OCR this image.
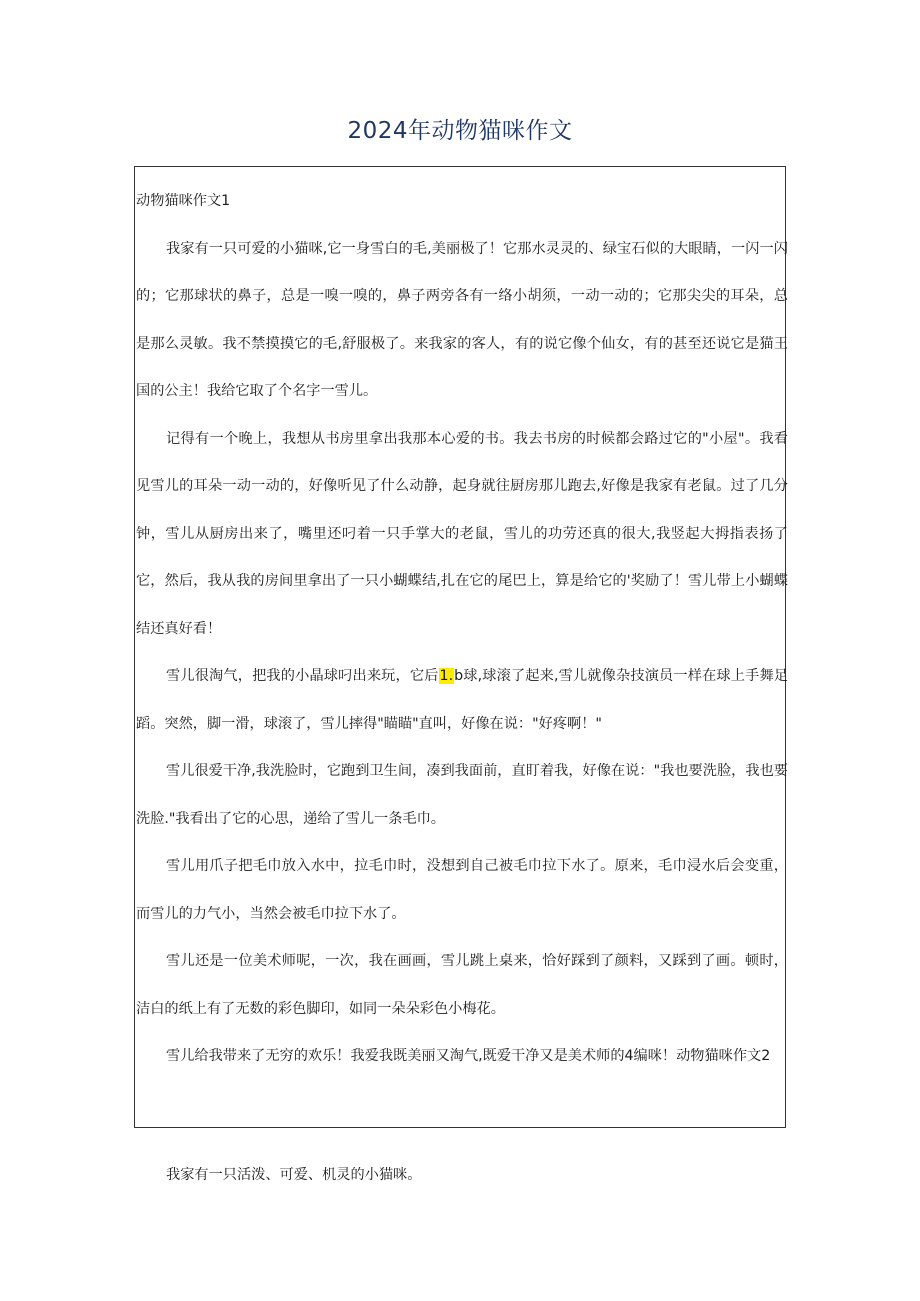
2024年动物猫咪作文

动物猫咪作文1

我家有一只可爱的小猫咪,它一身雪白的毛,美丽极了！它那水灵灵的、绿宝石似的大眼睛，一闪一闪的；它那球状的鼻子，总是一嗅一嗅的，鼻子两旁各有一络小胡须，一动一动的；它那尖尖的耳朵，总是那么灵敏。我不禁摸摸它的毛,舒服极了。来我家的客人，有的说它像个仙女，有的甚至还说它是猫王国的公主！我给它取了个名字一雪儿。

记得有一个晚上，我想从书房里拿出我那本心爱的书。我去书房的时候都会路过它的"小屋"。我看见雪儿的耳朵一动一动的，好像听见了什么动静，起身就往厨房那儿跑去,好像是我家有老鼠。过了几分钟，雪儿从厨房出来了，嘴里还叼着一只手掌大的老鼠，雪儿的功劳还真的很大,我竖起大拇指表扬了它，然后，我从我的房间里拿出了一只小蝴蝶结,扎在它的尾巴上，算是给它的'奖励了！雪儿带上小蝴蝶结还真好看！

雪儿很淘气，把我的小晶球叼出来玩，它后1.b球,球滚了起来,雪儿就像杂技演员一样在球上手舞足蹈。突然，脚一滑，球滚了，雪儿摔得"瞄瞄"直叫，好像在说："好疼啊！"

雪儿很爱干净,我洗脸时，它跑到卫生间，凑到我面前，直盯着我，好像在说："我也要洗脸，我也要洗脸."我看出了它的心思，递给了雪儿一条毛巾。

雪儿用爪子把毛巾放入水中，拉毛巾时，没想到自己被毛巾拉下水了。原来，毛巾浸水后会变重，而雪儿的力气小，当然会被毛巾拉下水了。

雪儿还是一位美术师呢，一次，我在画画，雪儿跳上桌来，恰好踩到了颜料，又踩到了画。顿时，洁白的纸上有了无数的彩色脚印，如同一朵朵彩色小梅花。

雪儿给我带来了无穷的欢乐！我爱我既美丽又淘气,既爱干净又是美术师的4编咪！动物猫咪作文2

我家有一只活泼、可爱、机灵的小猫咪。
